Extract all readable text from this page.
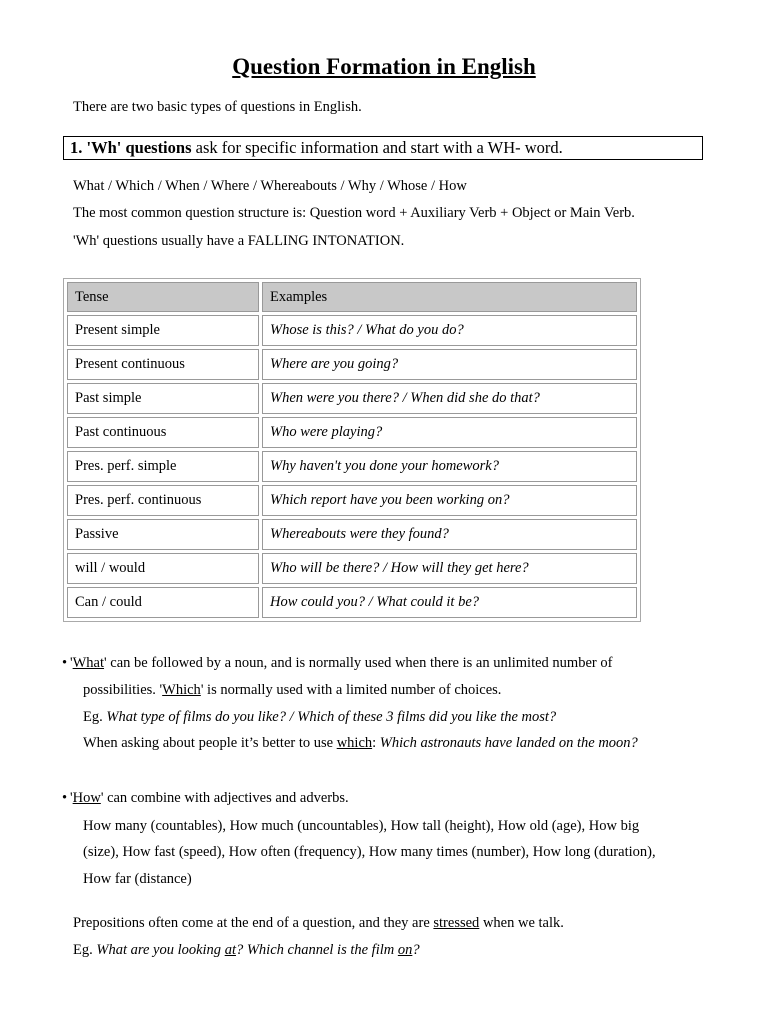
Question Formation in English
There are two basic types of questions in English.
1. 'Wh' questions ask for specific information and start with a WH- word.
What / Which / When / Where / Whereabouts / Why / Whose / How
The most common question structure is: Question word + Auxiliary Verb + Object or Main Verb.
'Wh' questions usually have a FALLING INTONATION.
Tense	Examples
Present simple	Whose is this? / What do you do?
Present continuous	Where are you going?
Past simple	When were you there? / When did she do that?
Past continuous	Who were playing?
Pres. perf. simple	Why haven't you done your homework?
Pres. perf. continuous	Which report have you been working on?
Passive	Whereabouts were they found?
will / would	Who will be there? / How will they get here?
Can / could	How could you? / What could it be?
• 'What' can be followed by a noun, and is normally used when there is an unlimited number of
possibilities. 'Which' is normally used with a limited number of choices.
Eg. What type of films do you like? / Which of these 3 films did you like the most?
When asking about people it’s better to use which: Which astronauts have landed on the moon?
• 'How' can combine with adjectives and adverbs.
How many (countables), How much (uncountables), How tall (height), How old (age), How big
(size), How fast (speed), How often (frequency), How many times (number), How long (duration),
How far (distance)
Prepositions often come at the end of a question, and they are stressed when we talk.
Eg. What are you looking at? Which channel is the film on?
